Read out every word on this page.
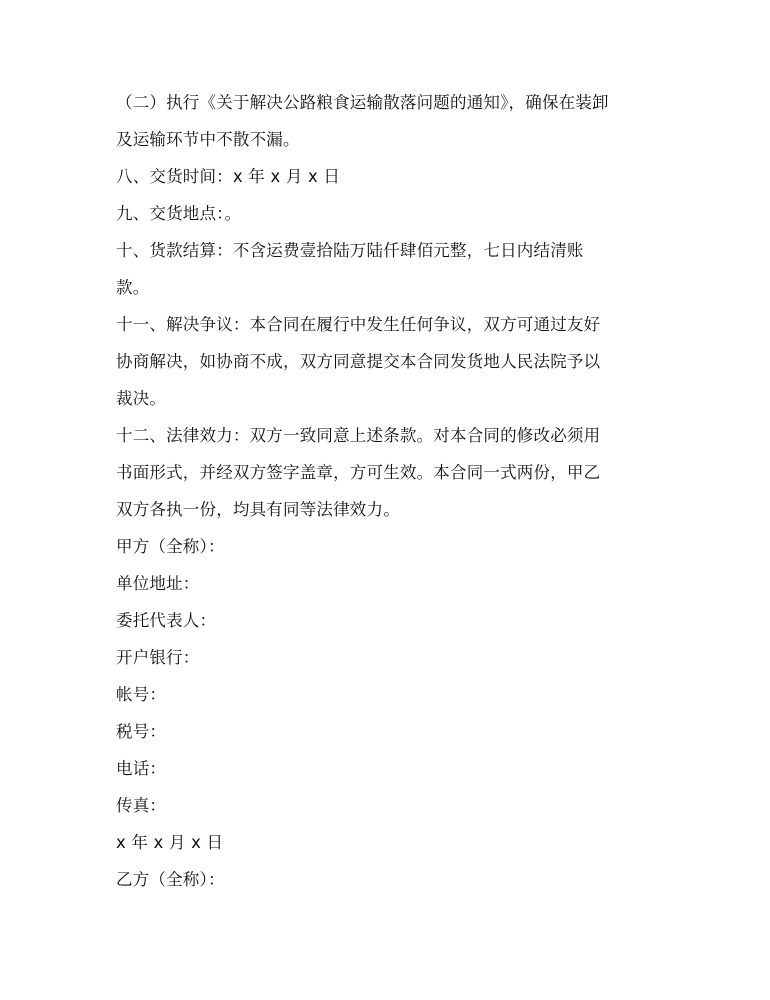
（二）执行《关于解决公路粮食运输散落问题的通知》，确保在装卸
及运输环节中不散不漏。
八、交货时间：x 年 x 月 x 日
九、交货地点：。
十、货款结算：不含运费壹拾陆万陆仟肆佰元整，七日内结清账
款。
十一、解决争议：本合同在履行中发生任何争议，双方可通过友好
协商解决，如协商不成，双方同意提交本合同发货地人民法院予以
裁决。
十二、法律效力：双方一致同意上述条款。对本合同的修改必须用
书面形式，并经双方签字盖章，方可生效。本合同一式两份，甲乙
双方各执一份，均具有同等法律效力。
甲方（全称）：
单位地址：
委托代表人：
开户银行：
帐号：
税号：
电话：
传真：
x 年 x 月 x 日
乙方（全称）：
